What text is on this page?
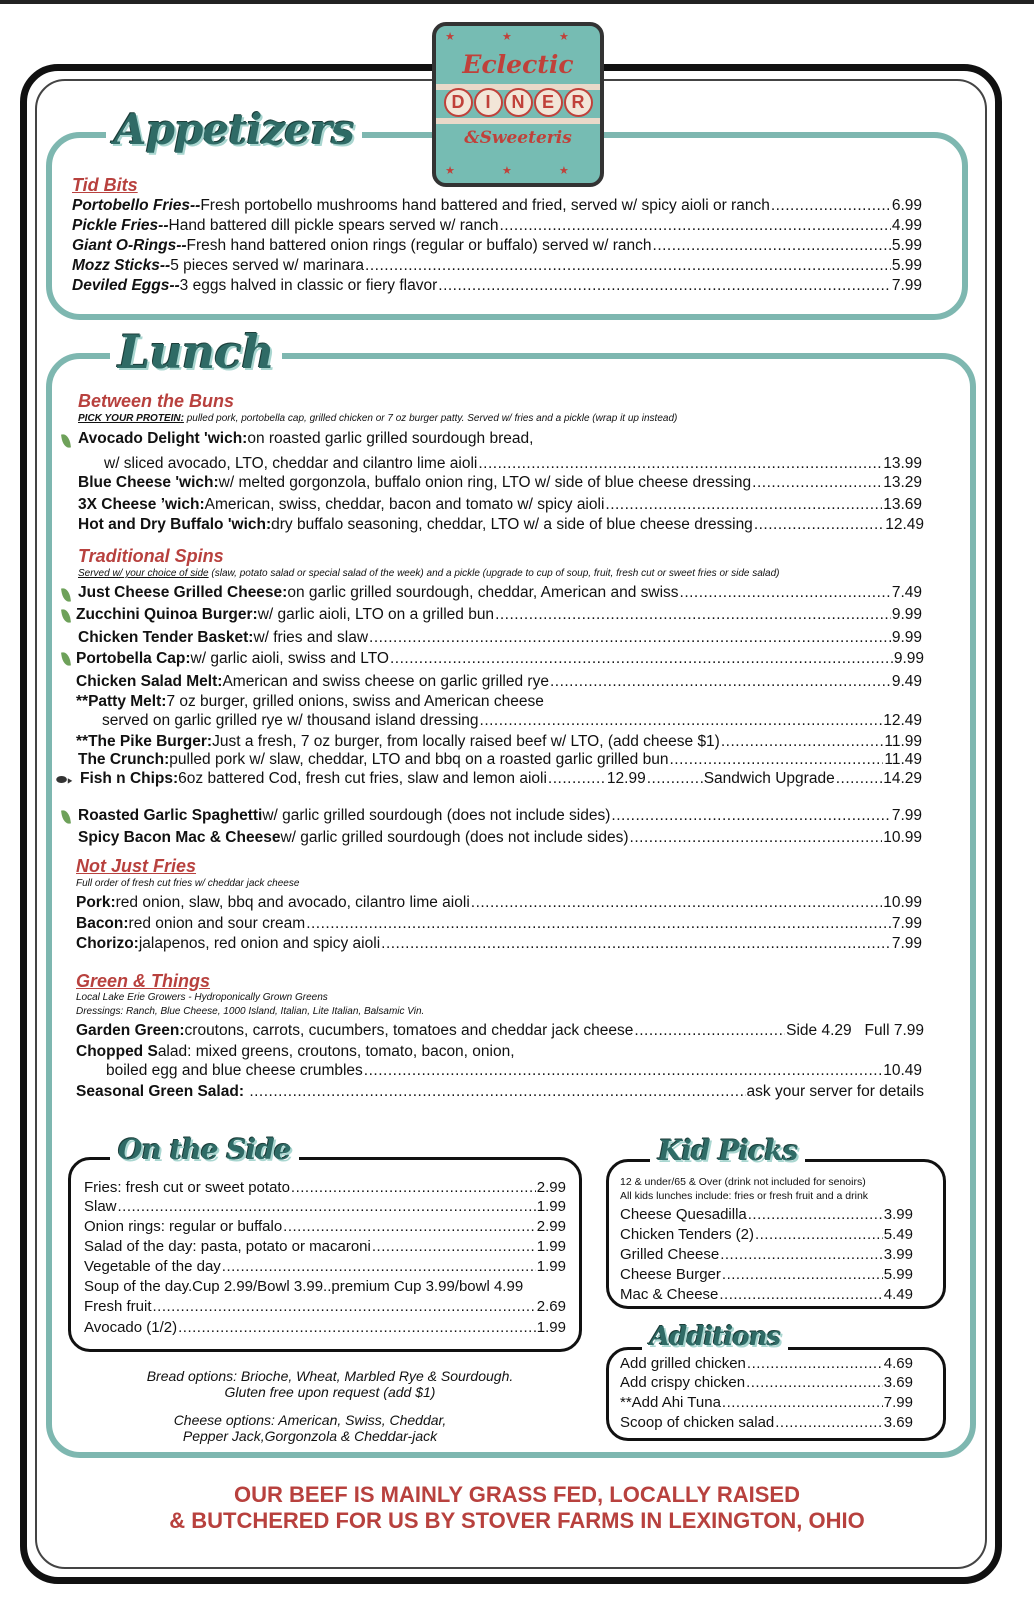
Appetizers
★ ★ ★
Eclectic
D	I	N E R
&Sweeteris
★ ★ ★
Tid Bits
Portobello Fries-- Fresh portobello mushrooms hand battered and fried, served w/ spicy aioli or ranch .....	6.99
Pickle Fries-- Hand battered dill pickle spears served w/ ranch .....	4.99
Giant O-Rings-- Fresh hand battered onion rings (regular or buffalo) served w/ ranch .....	5.99
Mozz Sticks-- 5 pieces served w/ marinara .....	5.99
Deviled Eggs-- 3 eggs halved in classic or fiery flavor .....	7.99
Lunch
Between the Buns
PICK YOUR PROTEIN: pulled pork, portobella cap, grilled chicken or 7 oz burger patty. Served w/ fries and a pickle (wrap it up instead)
Avocado Delight 'wich: on roasted garlic grilled sourdough bread,
w/ sliced avocado, LTO, cheddar and cilantro lime aioli .....	13.99
Blue Cheese 'wich: w/ melted gorgonzola, buffalo onion ring, LTO w/ side of blue cheese dressing .....	13.29
3X Cheese ’wich: American, swiss, cheddar, bacon and tomato w/ spicy aioli .....	13.69
Hot and Dry Buffalo 'wich: dry buffalo seasoning, cheddar, LTO w/ a side of blue cheese dressing .....	12.49
Traditional Spins
Served w/ your choice of side (slaw, potato salad or special salad of the week) and a pickle (upgrade to cup of soup, fruit, fresh cut or sweet fries or side salad)
Just Cheese Grilled Cheese: on garlic grilled sourdough, cheddar, American and swiss .....	7.49
Zucchini Quinoa Burger: w/ garlic aioli, LTO on a grilled bun .....	9.99
Chicken Tender Basket: w/ fries and slaw .....	9.99
Portobella Cap: w/ garlic aioli, swiss and LTO .....	9.99
Chicken Salad Melt: American and swiss cheese on garlic grilled rye .....	9.49
**Patty Melt: 7 oz burger, grilled onions, swiss and American cheese
served on garlic grilled rye w/ thousand island dressing .....	12.49
**The Pike Burger: Just a fresh, 7 oz burger, from locally raised beef w/ LTO, (add cheese $1) .....	11.99
The Crunch: pulled pork w/ slaw, cheddar, LTO and bbq on a roasted garlic grilled bun .....	11.49
⬬▸ Fish n Chips: 6oz battered Cod, fresh cut fries, slaw and lemon aioli .....	12.99 .....	Sandwich Upgrade .....	14.29
Roasted Garlic Spaghetti w/ garlic grilled sourdough (does not include sides) .....	7.99
Spicy Bacon Mac & Cheese w/ garlic grilled sourdough (does not include sides) .....	10.99
Not Just Fries
Full order of fresh cut fries w/ cheddar jack cheese
Pork: red onion, slaw, bbq and avocado, cilantro lime aioli .....	10.99
Bacon: red onion and sour cream .....	7.99
Chorizo: jalapenos, red onion and spicy aioli .....	7.99
Green & Things
Local Lake Erie Growers - Hydroponically Grown Greens
Dressings: Ranch, Blue Cheese, 1000 Island, Italian, Lite Italian, Balsamic Vin.
Garden Green: croutons, carrots, cucumbers, tomatoes and cheddar jack cheese .....	Side 4.29   Full 7.99
Chopped S alad: mixed greens, croutons, tomato, bacon, onion,
boiled egg and blue cheese crumbles .....	10.49
Seasonal Green Salad:
.....	ask your server for details
On the Side
Fries: fresh cut or sweet potato .....	2.99
Slaw .....	1.99
Onion rings: regular or buffalo .....	2.99
Salad of the day: pasta, potato or macaroni .....	1.99
Vegetable of the day .....	1.99
Soup of the day.Cup 2.99/Bowl 3.99..premium Cup 3.99/bowl 4.99
Fresh fruit .....	2.69
Avocado (1/2) .....	1.99
Bread options: Brioche, Wheat, Marbled Rye & Sourdough.
Gluten free upon request (add $1)
Cheese options: American, Swiss, Cheddar,
Pepper Jack,Gorgonzola & Cheddar-jack
Kid Picks
12 & under/65 & Over (drink not included for senoirs)
All kids lunches include: fries or fresh fruit and a drink
Cheese Quesadilla .....	3.99
Chicken Tenders (2) .....	5.49
Grilled Cheese .....	3.99
Cheese Burger .....	5.99
Mac & Cheese .....	4.49
Additions
Add grilled chicken .....	4.69
Add crispy chicken .....	3.69
**Add Ahi Tuna .....	7.99
Scoop of chicken salad .....	3.69
OUR BEEF IS MAINLY GRASS FED, LOCALLY RAISED
& BUTCHERED FOR US BY STOVER FARMS IN LEXINGTON, OHIO
